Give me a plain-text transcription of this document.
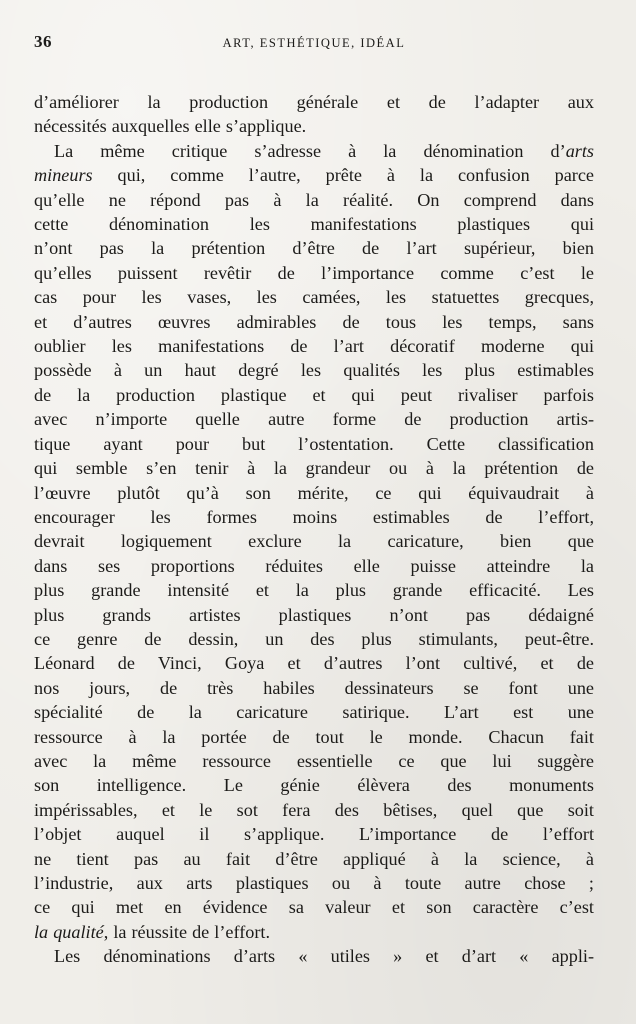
36	ART, ESTHÉTIQUE, IDÉAL

d’améliorer la production générale et de l’adapter aux
nécessités auxquelles elle s’applique.

La même critique s’adresse à la dénomination d’arts
mineurs qui, comme l’autre, prête à la confusion parce
qu’elle ne répond pas à la réalité. On comprend dans
cette dénomination les manifestations plastiques qui
n’ont pas la prétention d’être de l’art supérieur, bien
qu’elles puissent revêtir de l’importance comme c’est le
cas pour les vases, les camées, les statuettes grecques,
et d’autres œuvres admirables de tous les temps, sans
oublier les manifestations de l’art décoratif moderne qui
possède à un haut degré les qualités les plus estimables
de la production plastique et qui peut rivaliser parfois
avec n’importe quelle autre forme de production artis-
tique ayant pour but l’ostentation. Cette classification
qui semble s’en tenir à la grandeur ou à la prétention de
l’œuvre plutôt qu’à son mérite, ce qui équivaudrait à
encourager les formes moins estimables de l’effort,
devrait logiquement exclure la caricature, bien que
dans ses proportions réduites elle puisse atteindre la
plus grande intensité et la plus grande efficacité. Les
plus grands artistes plastiques n’ont pas dédaigné
ce genre de dessin, un des plus stimulants, peut-être.
Léonard de Vinci, Goya et d’autres l’ont cultivé, et de
nos jours, de très habiles dessinateurs se font une
spécialité de la caricature satirique. L’art est une
ressource à la portée de tout le monde. Chacun fait
avec la même ressource essentielle ce que lui suggère
son intelligence. Le génie élèvera des monuments
impérissables, et le sot fera des bêtises, quel que soit
l’objet auquel il s’applique. L’importance de l’effort
ne tient pas au fait d’être appliqué à la science, à
l’industrie, aux arts plastiques ou à toute autre chose ;
ce qui met en évidence sa valeur et son caractère c’est
la qualité, la réussite de l’effort.

Les dénominations d’arts « utiles » et d’art « appli-
